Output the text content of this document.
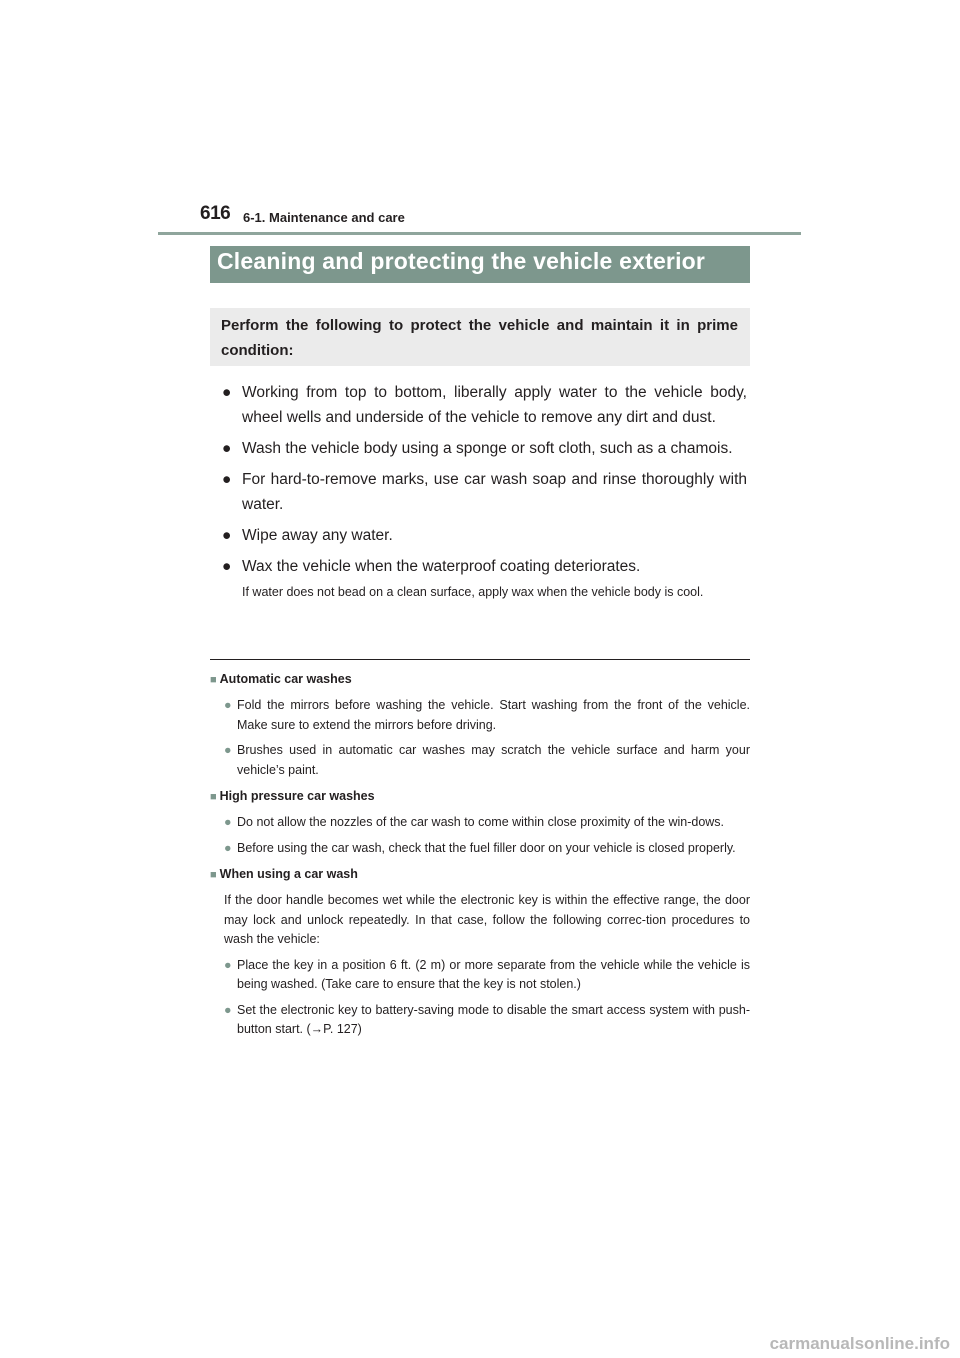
616 6-1. Maintenance and care
Cleaning and protecting the vehicle exterior
Perform the following to protect the vehicle and maintain it in prime condition:
● Working from top to bottom, liberally apply water to the vehicle body, wheel wells and underside of the vehicle to remove any dirt and dust.
● Wash the vehicle body using a sponge or soft cloth, such as a chamois.
● For hard-to-remove marks, use car wash soap and rinse thoroughly with water.
● Wipe away any water.
● Wax the vehicle when the waterproof coating deteriorates.
If water does not bead on a clean surface, apply wax when the vehicle body is cool.
■ Automatic car washes
● Fold the mirrors before washing the vehicle. Start washing from the front of the vehicle. Make sure to extend the mirrors before driving.
● Brushes used in automatic car washes may scratch the vehicle surface and harm your vehicle’s paint.
■ High pressure car washes
● Do not allow the nozzles of the car wash to come within close proximity of the win-dows.
● Before using the car wash, check that the fuel filler door on your vehicle is closed properly.
■ When using a car wash
If the door handle becomes wet while the electronic key is within the effective range, the door may lock and unlock repeatedly. In that case, follow the following correc-tion procedures to wash the vehicle:
● Place the key in a position 6 ft. (2 m) or more separate from the vehicle while the vehicle is being washed. (Take care to ensure that the key is not stolen.)
● Set the electronic key to battery-saving mode to disable the smart access system with push-button start. (→P. 127)
carmanualsonline.info
